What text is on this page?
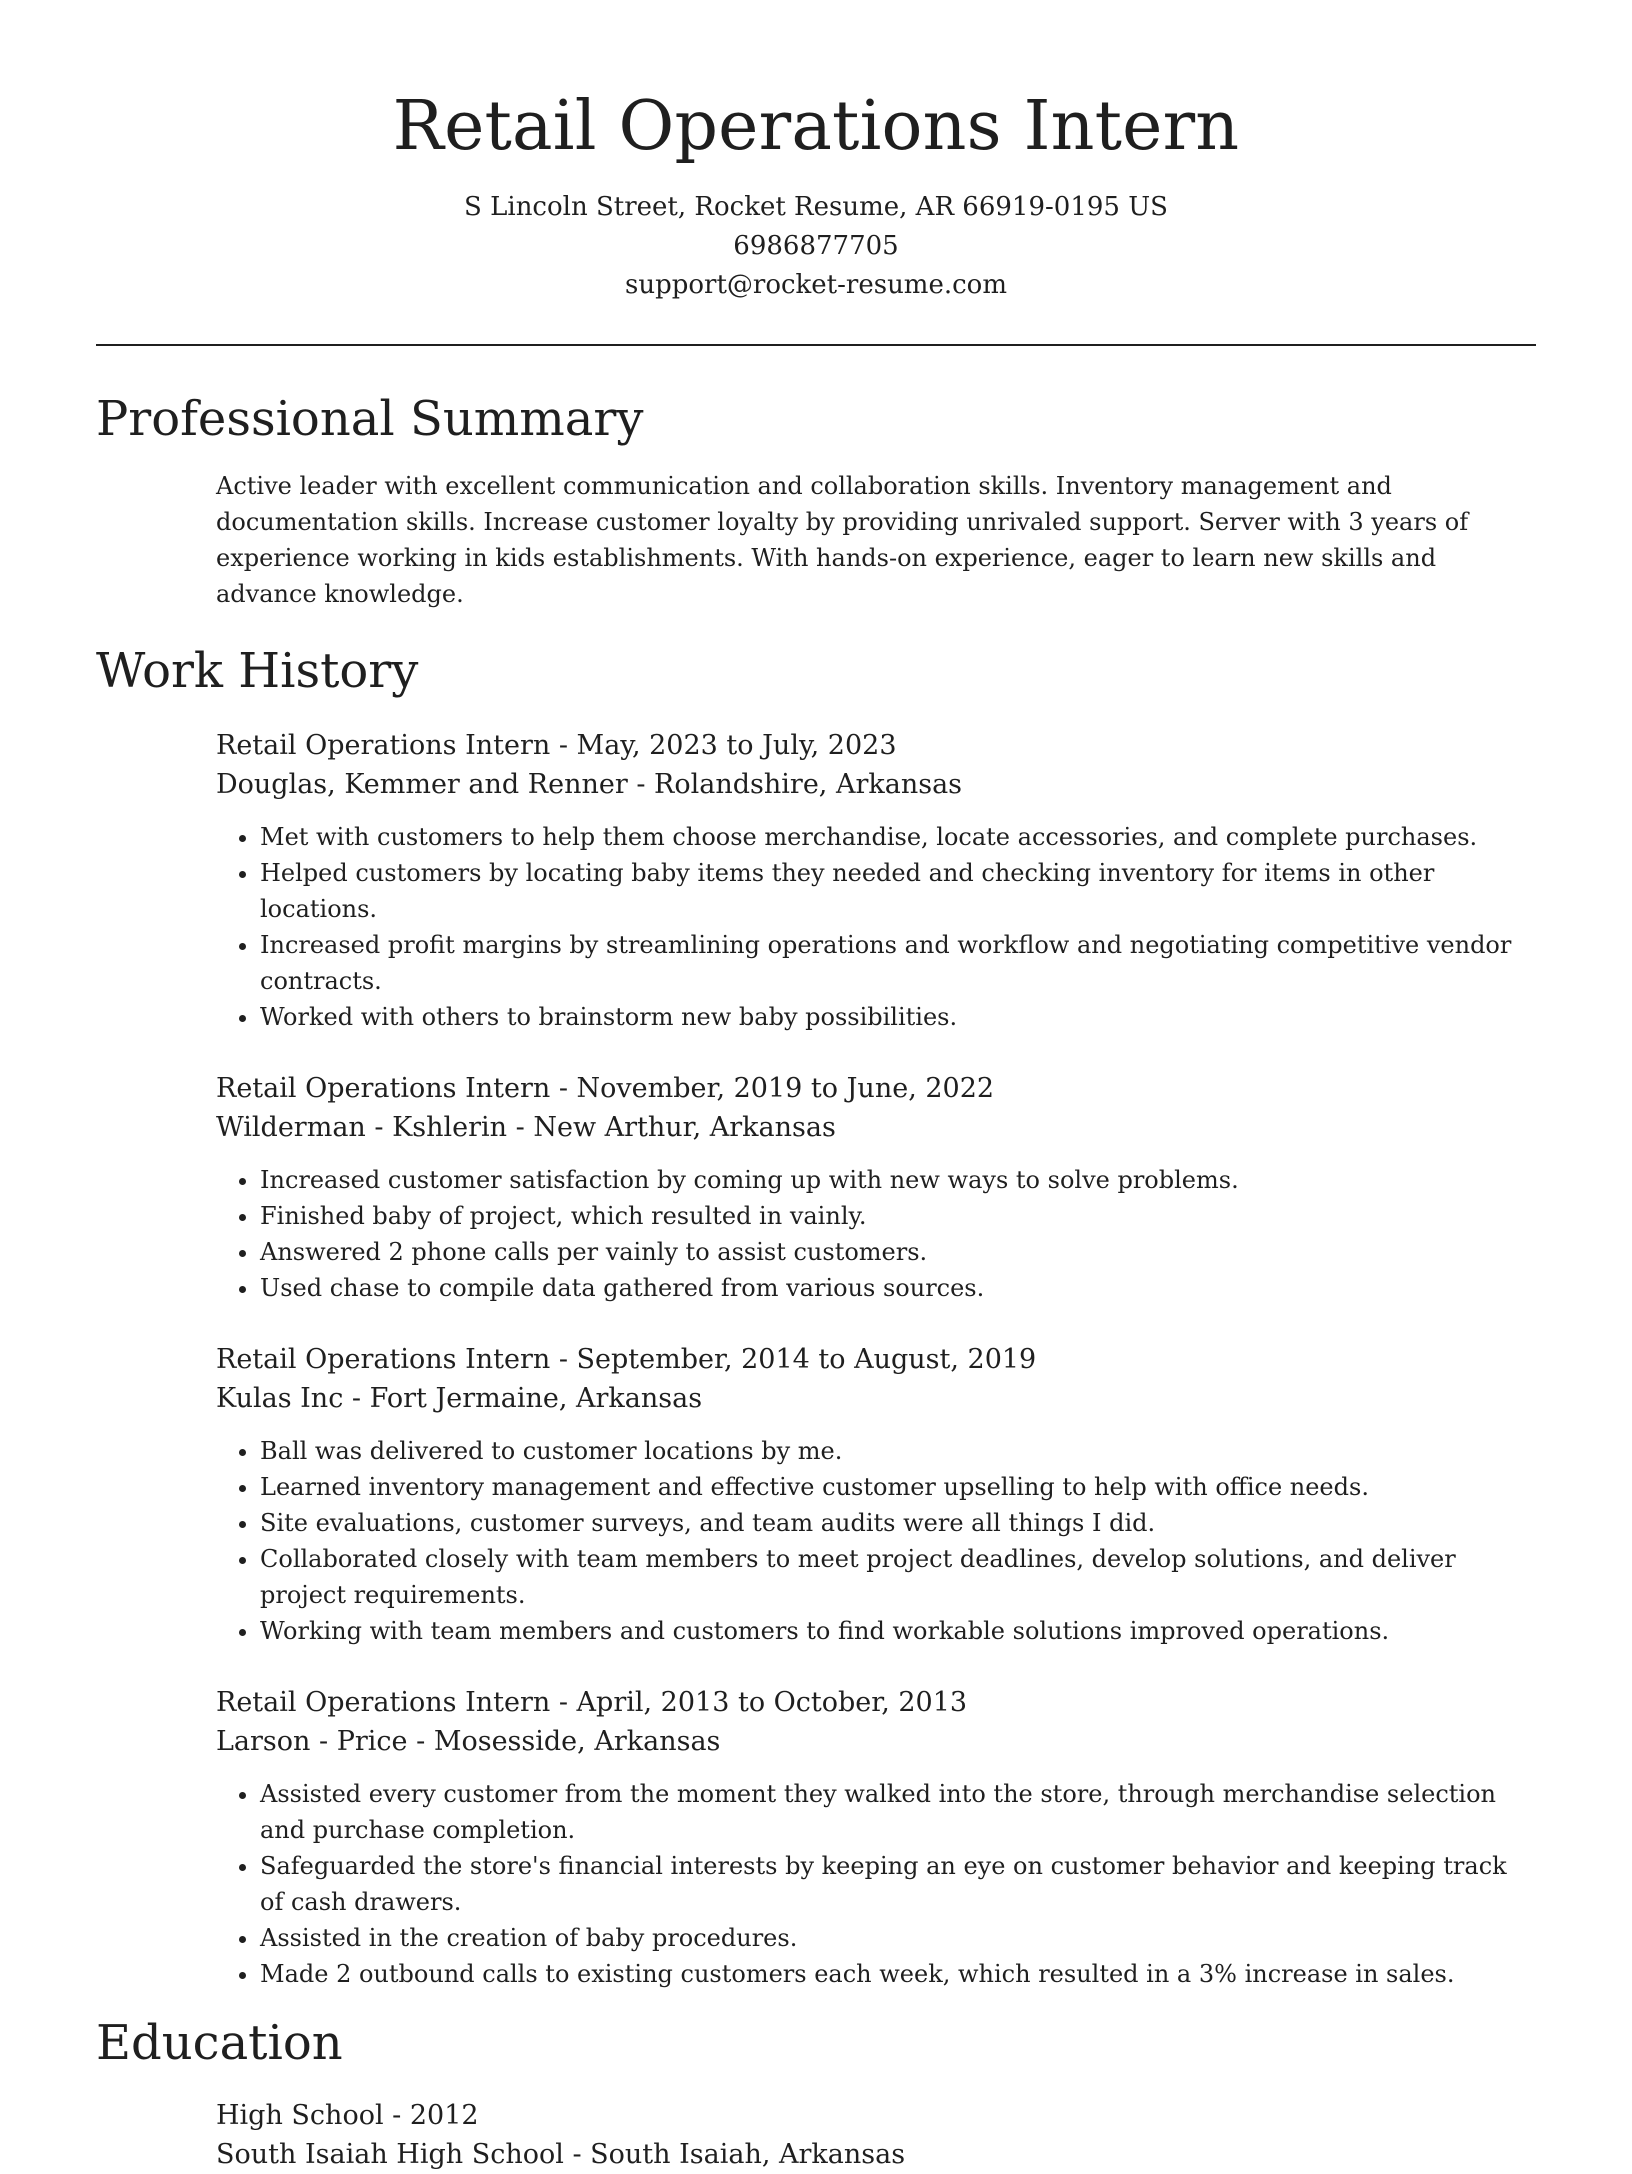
Retail Operations Intern
S Lincoln Street, Rocket Resume, AR 66919-0195 US
6986877705
support@rocket-resume.com
Professional Summary

Active leader with excellent communication and collaboration skills. Inventory management and documentation skills. Increase customer loyalty by providing unrivaled support. Server with 3 years of experience working in kids establishments. With hands-on experience, eager to learn new skills and advance knowledge.

Work History
Retail Operations Intern - May, 2023 to July, 2023
Douglas, Kemmer and Renner - Rolandshire, Arkansas
• Met with customers to help them choose merchandise, locate accessories, and complete purchases.
• Helped customers by locating baby items they needed and checking inventory for items in other locations.
• Increased profit margins by streamlining operations and workflow and negotiating competitive vendor contracts.
• Worked with others to brainstorm new baby possibilities.
Retail Operations Intern - November, 2019 to June, 2022
Wilderman - Kshlerin - New Arthur, Arkansas
• Increased customer satisfaction by coming up with new ways to solve problems.
• Finished baby of project, which resulted in vainly.
• Answered 2 phone calls per vainly to assist customers.
• Used chase to compile data gathered from various sources.
Retail Operations Intern - September, 2014 to August, 2019
Kulas Inc - Fort Jermaine, Arkansas
• Ball was delivered to customer locations by me.
• Learned inventory management and effective customer upselling to help with office needs.
• Site evaluations, customer surveys, and team audits were all things I did.
• Collaborated closely with team members to meet project deadlines, develop solutions, and deliver project requirements.
• Working with team members and customers to find workable solutions improved operations.
Retail Operations Intern - April, 2013 to October, 2013
Larson - Price - Mosesside, Arkansas
• Assisted every customer from the moment they walked into the store, through merchandise selection and purchase completion.
• Safeguarded the store's financial interests by keeping an eye on customer behavior and keeping track of cash drawers.
• Assisted in the creation of baby procedures.
• Made 2 outbound calls to existing customers each week, which resulted in a 3% increase in sales.
Education
High School - 2012
South Isaiah High School - South Isaiah, Arkansas
